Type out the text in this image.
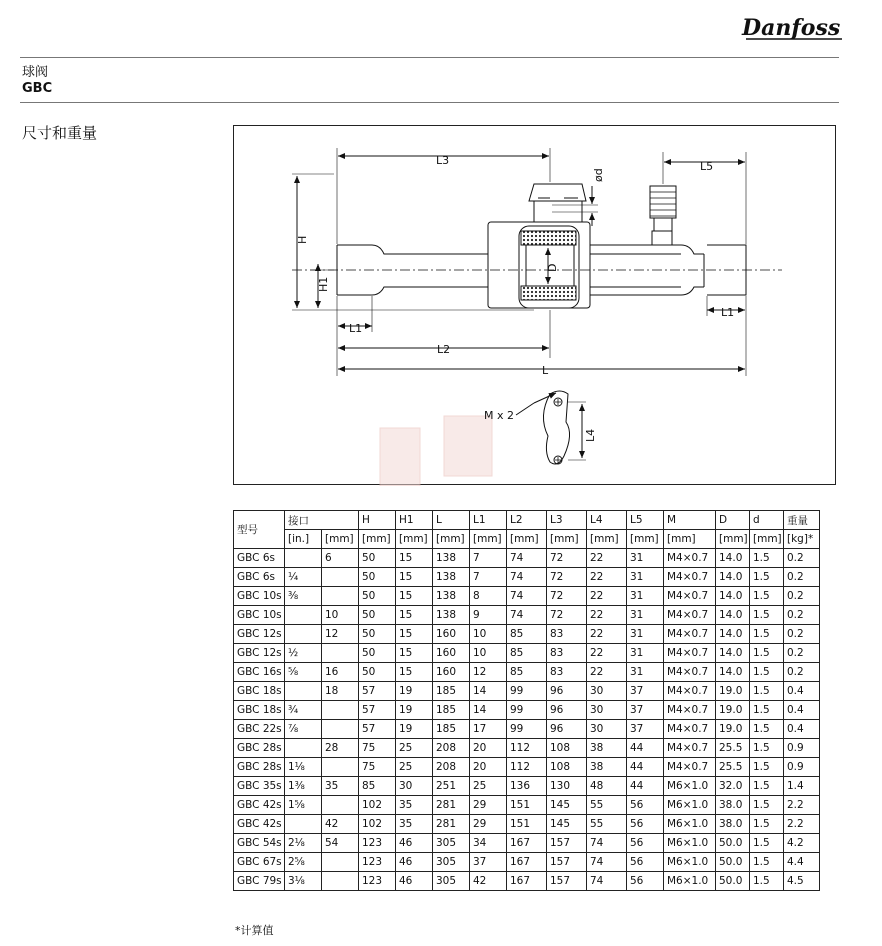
Danfoss
球阀
GBC
尺寸和重量
L3	L5
ød
H
H1
D
L1
L1
L2
L
M x 2
L4
型号	接口		H	H1	L	L1	L2	L3	L4	L5	M	D	d	重量
	[in.]	[mm]	[mm]	[mm]	[mm]	[mm]	[mm]	[mm]	[mm]	[mm]	[mm]	[mm]	[mm]	[kg]*
GBC 6s		6	50	15	138	7	74	72	22	31	M4×0.7	14.0	1.5	0.2
GBC 6s	¼		50	15	138	7	74	72	22	31	M4×0.7	14.0	1.5	0.2
GBC 10s	⅜		50	15	138	8	74	72	22	31	M4×0.7	14.0	1.5	0.2
GBC 10s		10	50	15	138	9	74	72	22	31	M4×0.7	14.0	1.5	0.2
GBC 12s		12	50	15	160	10	85	83	22	31	M4×0.7	14.0	1.5	0.2
GBC 12s	½		50	15	160	10	85	83	22	31	M4×0.7	14.0	1.5	0.2
GBC 16s	⅝	16	50	15	160	12	85	83	22	31	M4×0.7	14.0	1.5	0.2
GBC 18s		18	57	19	185	14	99	96	30	37	M4×0.7	19.0	1.5	0.4
GBC 18s	¾		57	19	185	14	99	96	30	37	M4×0.7	19.0	1.5	0.4
GBC 22s	⅞		57	19	185	17	99	96	30	37	M4×0.7	19.0	1.5	0.4
GBC 28s		28	75	25	208	20	112	108	38	44	M4×0.7	25.5	1.5	0.9
GBC 28s	1⅛		75	25	208	20	112	108	38	44	M4×0.7	25.5	1.5	0.9
GBC 35s	1⅜	35	85	30	251	25	136	130	48	44	M6×1.0	32.0	1.5	1.4
GBC 42s	1⅝		102	35	281	29	151	145	55	56	M6×1.0	38.0	1.5	2.2
GBC 42s		42	102	35	281	29	151	145	55	56	M6×1.0	38.0	1.5	2.2
GBC 54s	2⅛	54	123	46	305	34	167	157	74	56	M6×1.0	50.0	1.5	4.2
GBC 67s	2⅝		123	46	305	37	167	157	74	56	M6×1.0	50.0	1.5	4.4
GBC 79s	3⅛		123	46	305	42	167	157	74	56	M6×1.0	50.0	1.5	4.5
*计算值
